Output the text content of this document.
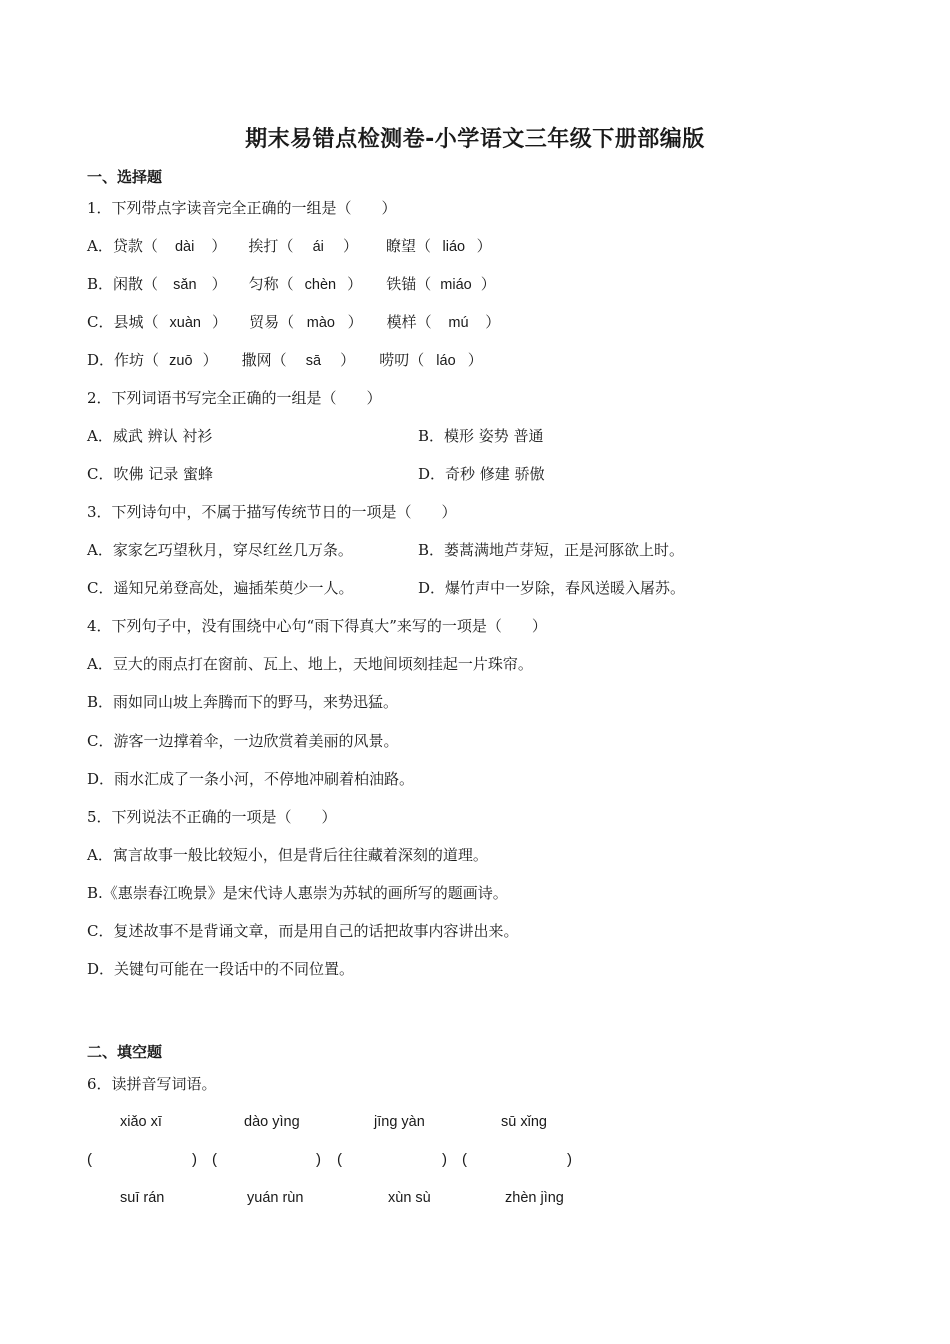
期末易错点检测卷-小学语文三年级下册部编版
一、选择题
1．下列带点字读音完全正确的一组是（　　）
A．贷款（ dài ） 挨打（ ái ） 瞭望（ liáo ）
B．闲散（ sǎn ） 匀称（ chèn ） 铁锚（ miáo ）
C．县城（ xuàn ） 贸易（ mào ） 模样（ mú ）
D．作坊（ zuō ） 撒网（ sā ） 唠叨（ láo ）
2．下列词语书写完全正确的一组是（　　）
A．威武 辨认 衬衫	B．模形 姿势 普通
C．吹佛 记录 蜜蜂	D．奇秒 修建 骄傲
3．下列诗句中，不属于描写传统节日的一项是（　　）
A．家家乞巧望秋月，穿尽红丝几万条。	B．蒌蒿满地芦芽短，正是河豚欲上时。
C．遥知兄弟登高处，遍插茱萸少一人。	D．爆竹声中一岁除，春风送暖入屠苏。
4．下列句子中，没有围绕中心句“雨下得真大”来写的一项是（　　）
A．豆大的雨点打在窗前、瓦上、地上，天地间顷刻挂起一片珠帘。
B．雨如同山坡上奔腾而下的野马，来势迅猛。
C．游客一边撑着伞，一边欣赏着美丽的风景。
D．雨水汇成了一条小河，不停地冲刷着柏油路。
5．下列说法不正确的一项是（　　）
A．寓言故事一般比较短小，但是背后往往藏着深刻的道理。
B.《惠崇春江晚景》是宋代诗人惠崇为苏轼的画所写的题画诗。
C．复述故事不是背诵文章，而是用自己的话把故事内容讲出来。
D．关键句可能在一段话中的不同位置。
二、填空题
6．读拼音写词语。
xiǎo xī	dào yìng	jīng yàn	sū xǐng
(	) (	) (	) (	)
suī rán	yuán rùn	xùn sù	zhèn jìng
